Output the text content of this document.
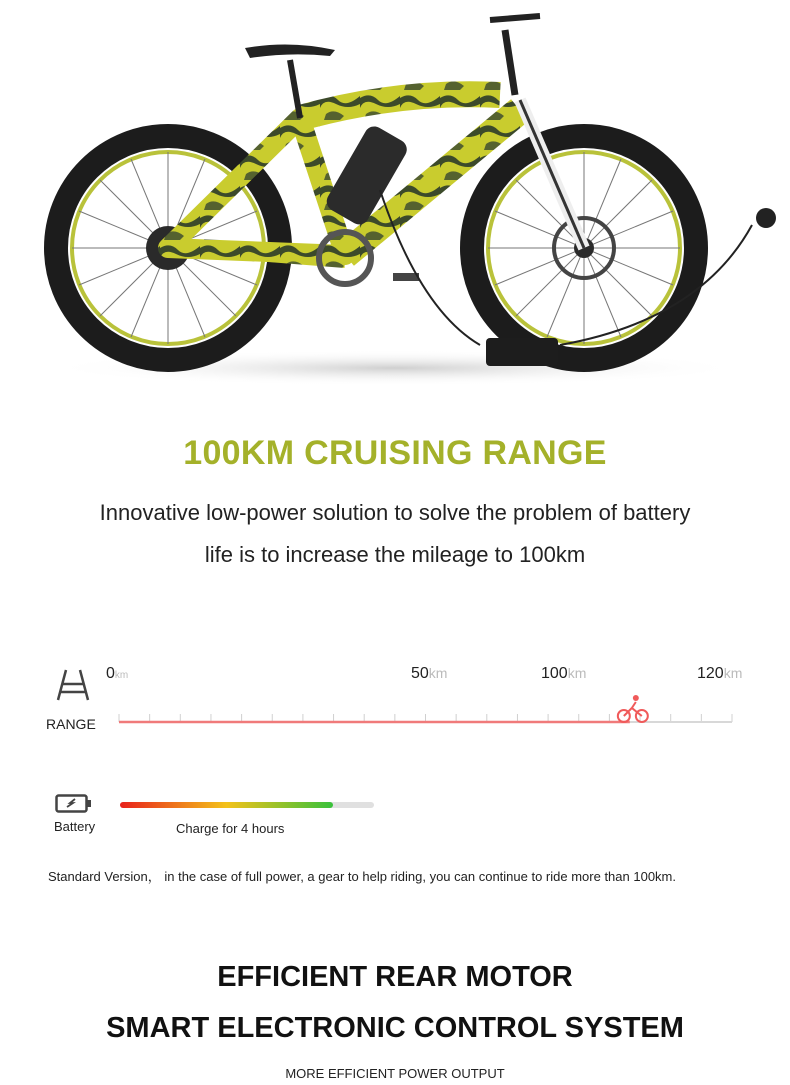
100KM CRUISING RANGE
Innovative low-power solution to solve the problem of battery
life is to increase the mileage to 100km
RANGE
0km	50km	100km	120km
Battery	Charge for 4 hours
Standard Version， in the case of full power, a gear to help riding, you can continue to ride more than 100km.
EFFICIENT REAR MOTOR
SMART ELECTRONIC CONTROL SYSTEM
MORE EFFICIENT POWER OUTPUT
